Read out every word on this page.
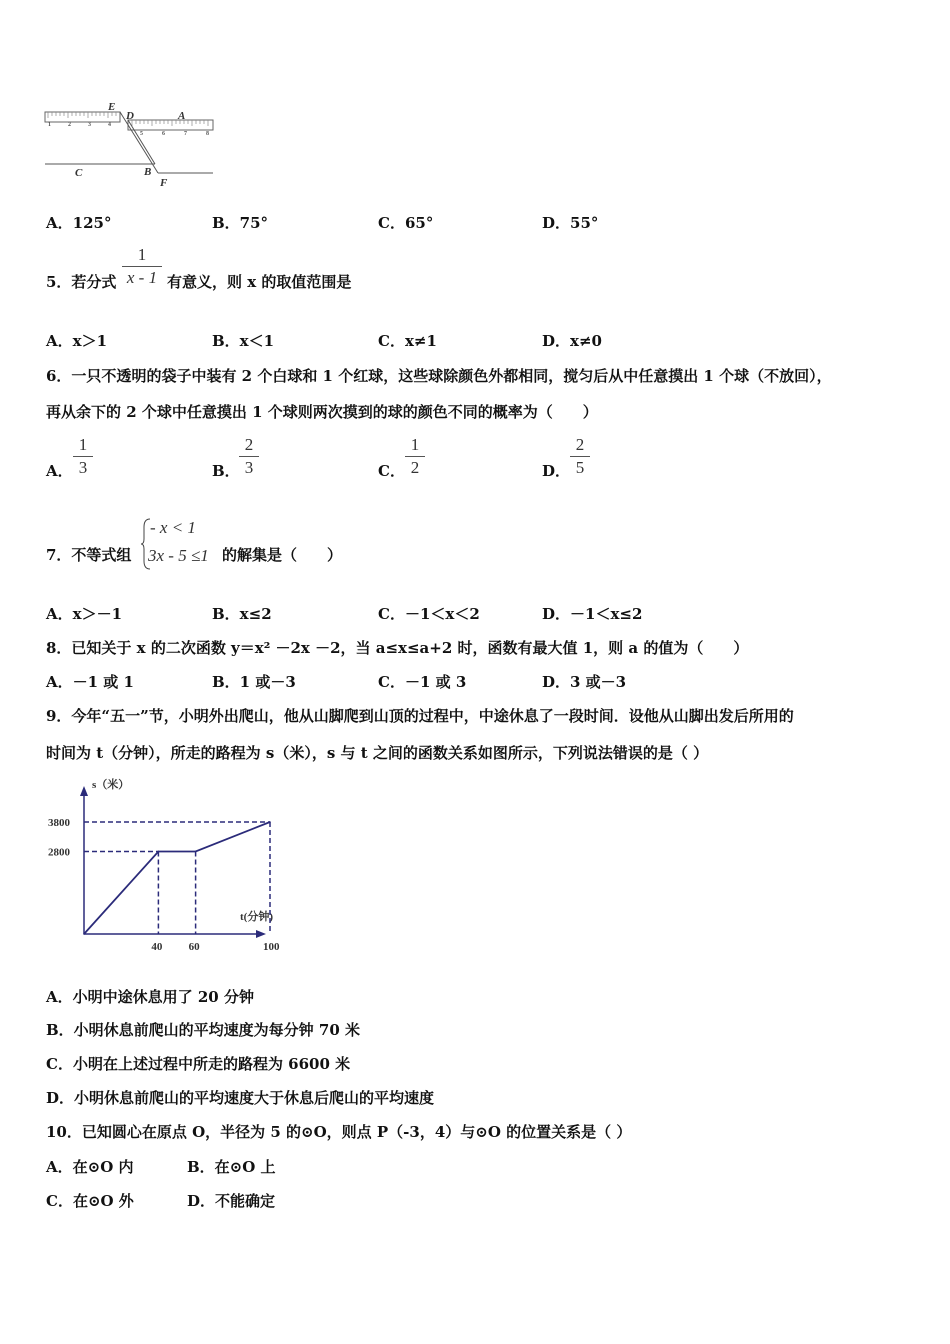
1	2	3	4
5	6	7	8
E
D	A
C	B
F
A．125°	B．75°	C．65°	D．55°
5．若分式
1
x - 1 有意义，则 x 的取值范围是
A．x＞1	B．x＜1	C．x≠1	D．x≠0
6．一只不透明的袋子中装有 2 个白球和 1 个红球，这些球除颜色外都相同，搅匀后从中任意摸出 1 个球（不放回），
再从余下的 2 个球中任意摸出 1 个球则两次摸到的球的颜色不同的概率为（　　）
A．
1
3	B．
2
3	C．
1
2	D．
2
5
7．不等式组
- x < 1
3x - 5 ≤1 的解集是（　　）
A．x＞－1	B．x≤2	C．－1＜x＜2	D．－1＜x≤2
8．已知关于 x 的二次函数 y＝x² －2x －2，当 a≤x≤a+2 时，函数有最大值 1，则 a 的值为（　　）
A．－1 或 1	B．1 或－3	C．－1 或 3	D．3 或－3
9．今年“五一”节，小明外出爬山，他从山脚爬到山顶的过程中，中途休息了一段时间．设他从山脚出发后所用的
时间为 t（分钟），所走的路程为 s（米），s 与 t 之间的函数关系如图所示，下列说法错误的是（ ）
s（米）
t(分钟)
2800
3800
40 60	100
A．小明中途休息用了 20 分钟
B．小明休息前爬山的平均速度为每分钟 70 米
C．小明在上述过程中所走的路程为 6600 米
D．小明休息前爬山的平均速度大于休息后爬山的平均速度
10．已知圆心在原点 O，半径为 5 的⊙O，则点 P（-3，4）与⊙O 的位置关系是（ ）
A．在⊙O 内	B．在⊙O 上
C．在⊙O 外	D．不能确定
